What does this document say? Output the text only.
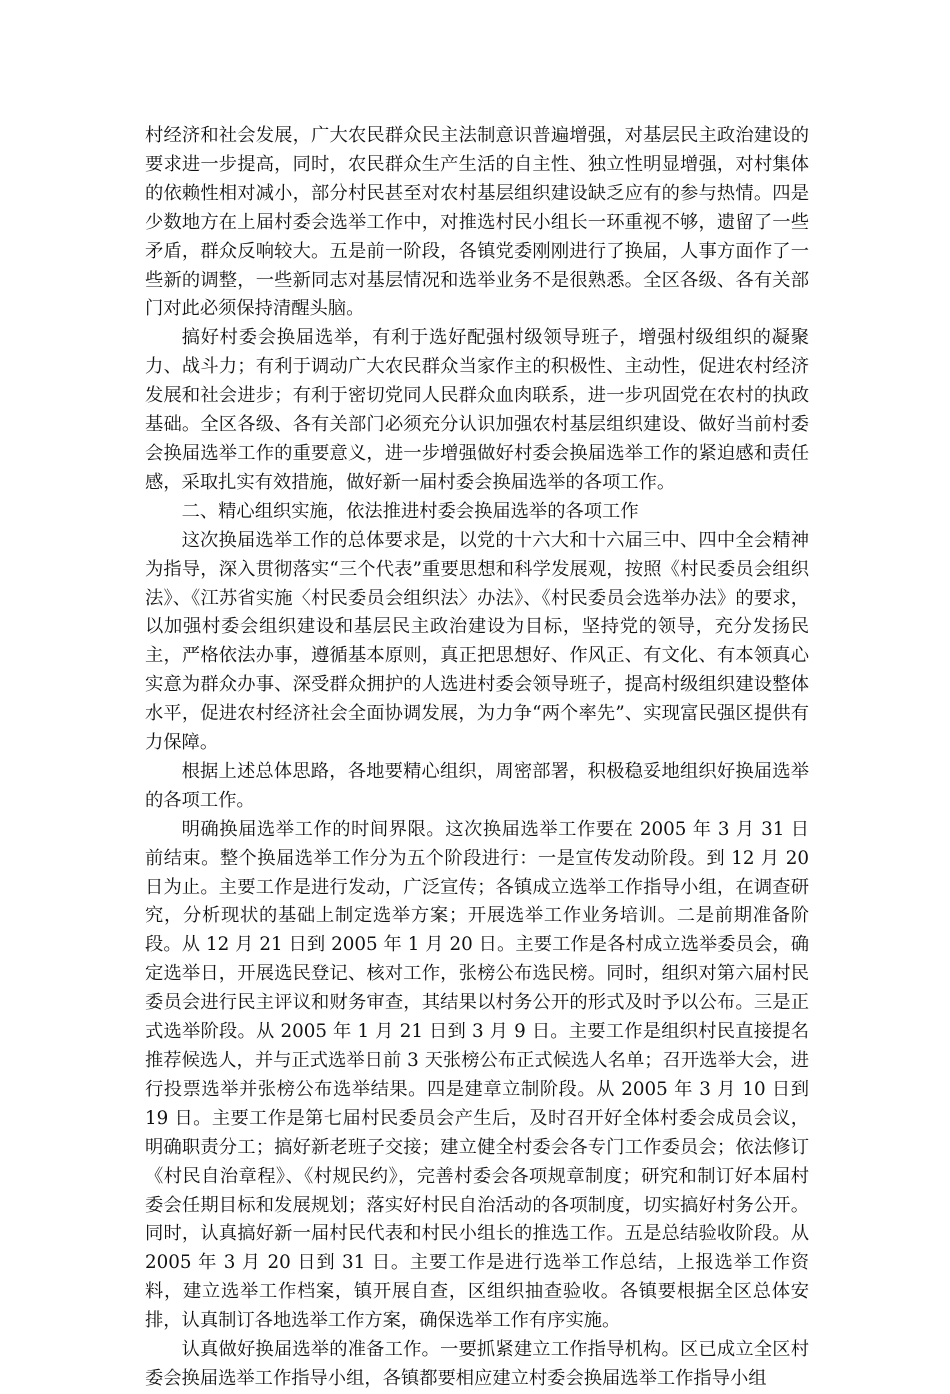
村经济和社会发展，广大农民群众民主法制意识普遍增强，对基层民主政治建设的要求进一步提高，同时，农民群众生产生活的自主性、独立性明显增强，对村集体的依赖性相对减小，部分村民甚至对农村基层组织建设缺乏应有的参与热情。四是少数地方在上届村委会选举工作中，对推选村民小组长一环重视不够，遗留了一些矛盾，群众反响较大。五是前一阶段，各镇党委刚刚进行了换届，人事方面作了一些新的调整，一些新同志对基层情况和选举业务不是很熟悉。全区各级、各有关部门对此必须保持清醒头脑。

搞好村委会换届选举，有利于选好配强村级领导班子，增强村级组织的凝聚力、战斗力；有利于调动广大农民群众当家作主的积极性、主动性，促进农村经济发展和社会进步；有利于密切党同人民群众血肉联系，进一步巩固党在农村的执政基础。全区各级、各有关部门必须充分认识加强农村基层组织建设、做好当前村委会换届选举工作的重要意义，进一步增强做好村委会换届选举工作的紧迫感和责任感，采取扎实有效措施，做好新一届村委会换届选举的各项工作。

二、精心组织实施，依法推进村委会换届选举的各项工作

这次换届选举工作的总体要求是，以党的十六大和十六届三中、四中全会精神为指导，深入贯彻落实“三个代表”重要思想和科学发展观，按照《村民委员会组织法》、《江苏省实施〈村民委员会组织法〉办法》、《村民委员会选举办法》的要求，以加强村委会组织建设和基层民主政治建设为目标，坚持党的领导，充分发扬民主，严格依法办事，遵循基本原则，真正把思想好、作风正、有文化、有本领真心实意为群众办事、深受群众拥护的人选进村委会领导班子，提高村级组织建设整体水平，促进农村经济社会全面协调发展，为力争“两个率先”、实现富民强区提供有力保障。

根据上述总体思路，各地要精心组织，周密部署，积极稳妥地组织好换届选举的各项工作。

明确换届选举工作的时间界限。这次换届选举工作要在 2005 年 3 月 31 日前结束。整个换届选举工作分为五个阶段进行：一是宣传发动阶段。到 12 月 20 日为止。主要工作是进行发动，广泛宣传；各镇成立选举工作指导小组，在调查研究，分析现状的基础上制定选举方案；开展选举工作业务培训。二是前期准备阶段。从 12 月 21 日到 2005 年 1 月 20 日。主要工作是各村成立选举委员会，确定选举日，开展选民登记、核对工作，张榜公布选民榜。同时，组织对第六届村民委员会进行民主评议和财务审查，其结果以村务公开的形式及时予以公布。三是正式选举阶段。从 2005 年 1 月 21 日到 3 月 9 日。主要工作是组织村民直接提名推荐候选人，并与正式选举日前 3 天张榜公布正式候选人名单；召开选举大会，进行投票选举并张榜公布选举结果。四是建章立制阶段。从 2005 年 3 月 10 日到 19 日。主要工作是第七届村民委员会产生后，及时召开好全体村委会成员会议，明确职责分工；搞好新老班子交接；建立健全村委会各专门工作委员会；依法修订《村民自治章程》、《村规民约》，完善村委会各项规章制度；研究和制订好本届村委会任期目标和发展规划；落实好村民自治活动的各项制度，切实搞好村务公开。同时，认真搞好新一届村民代表和村民小组长的推选工作。五是总结验收阶段。从 2005 年 3 月 20 日到 31 日。主要工作是进行选举工作总结，上报选举工作资料，建立选举工作档案，镇开展自查，区组织抽查验收。各镇要根据全区总体安排，认真制订各地选举工作方案，确保选举工作有序实施。

认真做好换届选举的准备工作。一要抓紧建立工作指导机构。区已成立全区村委会换届选举工作指导小组，各镇都要相应建立村委会换届选举工作指导小组
